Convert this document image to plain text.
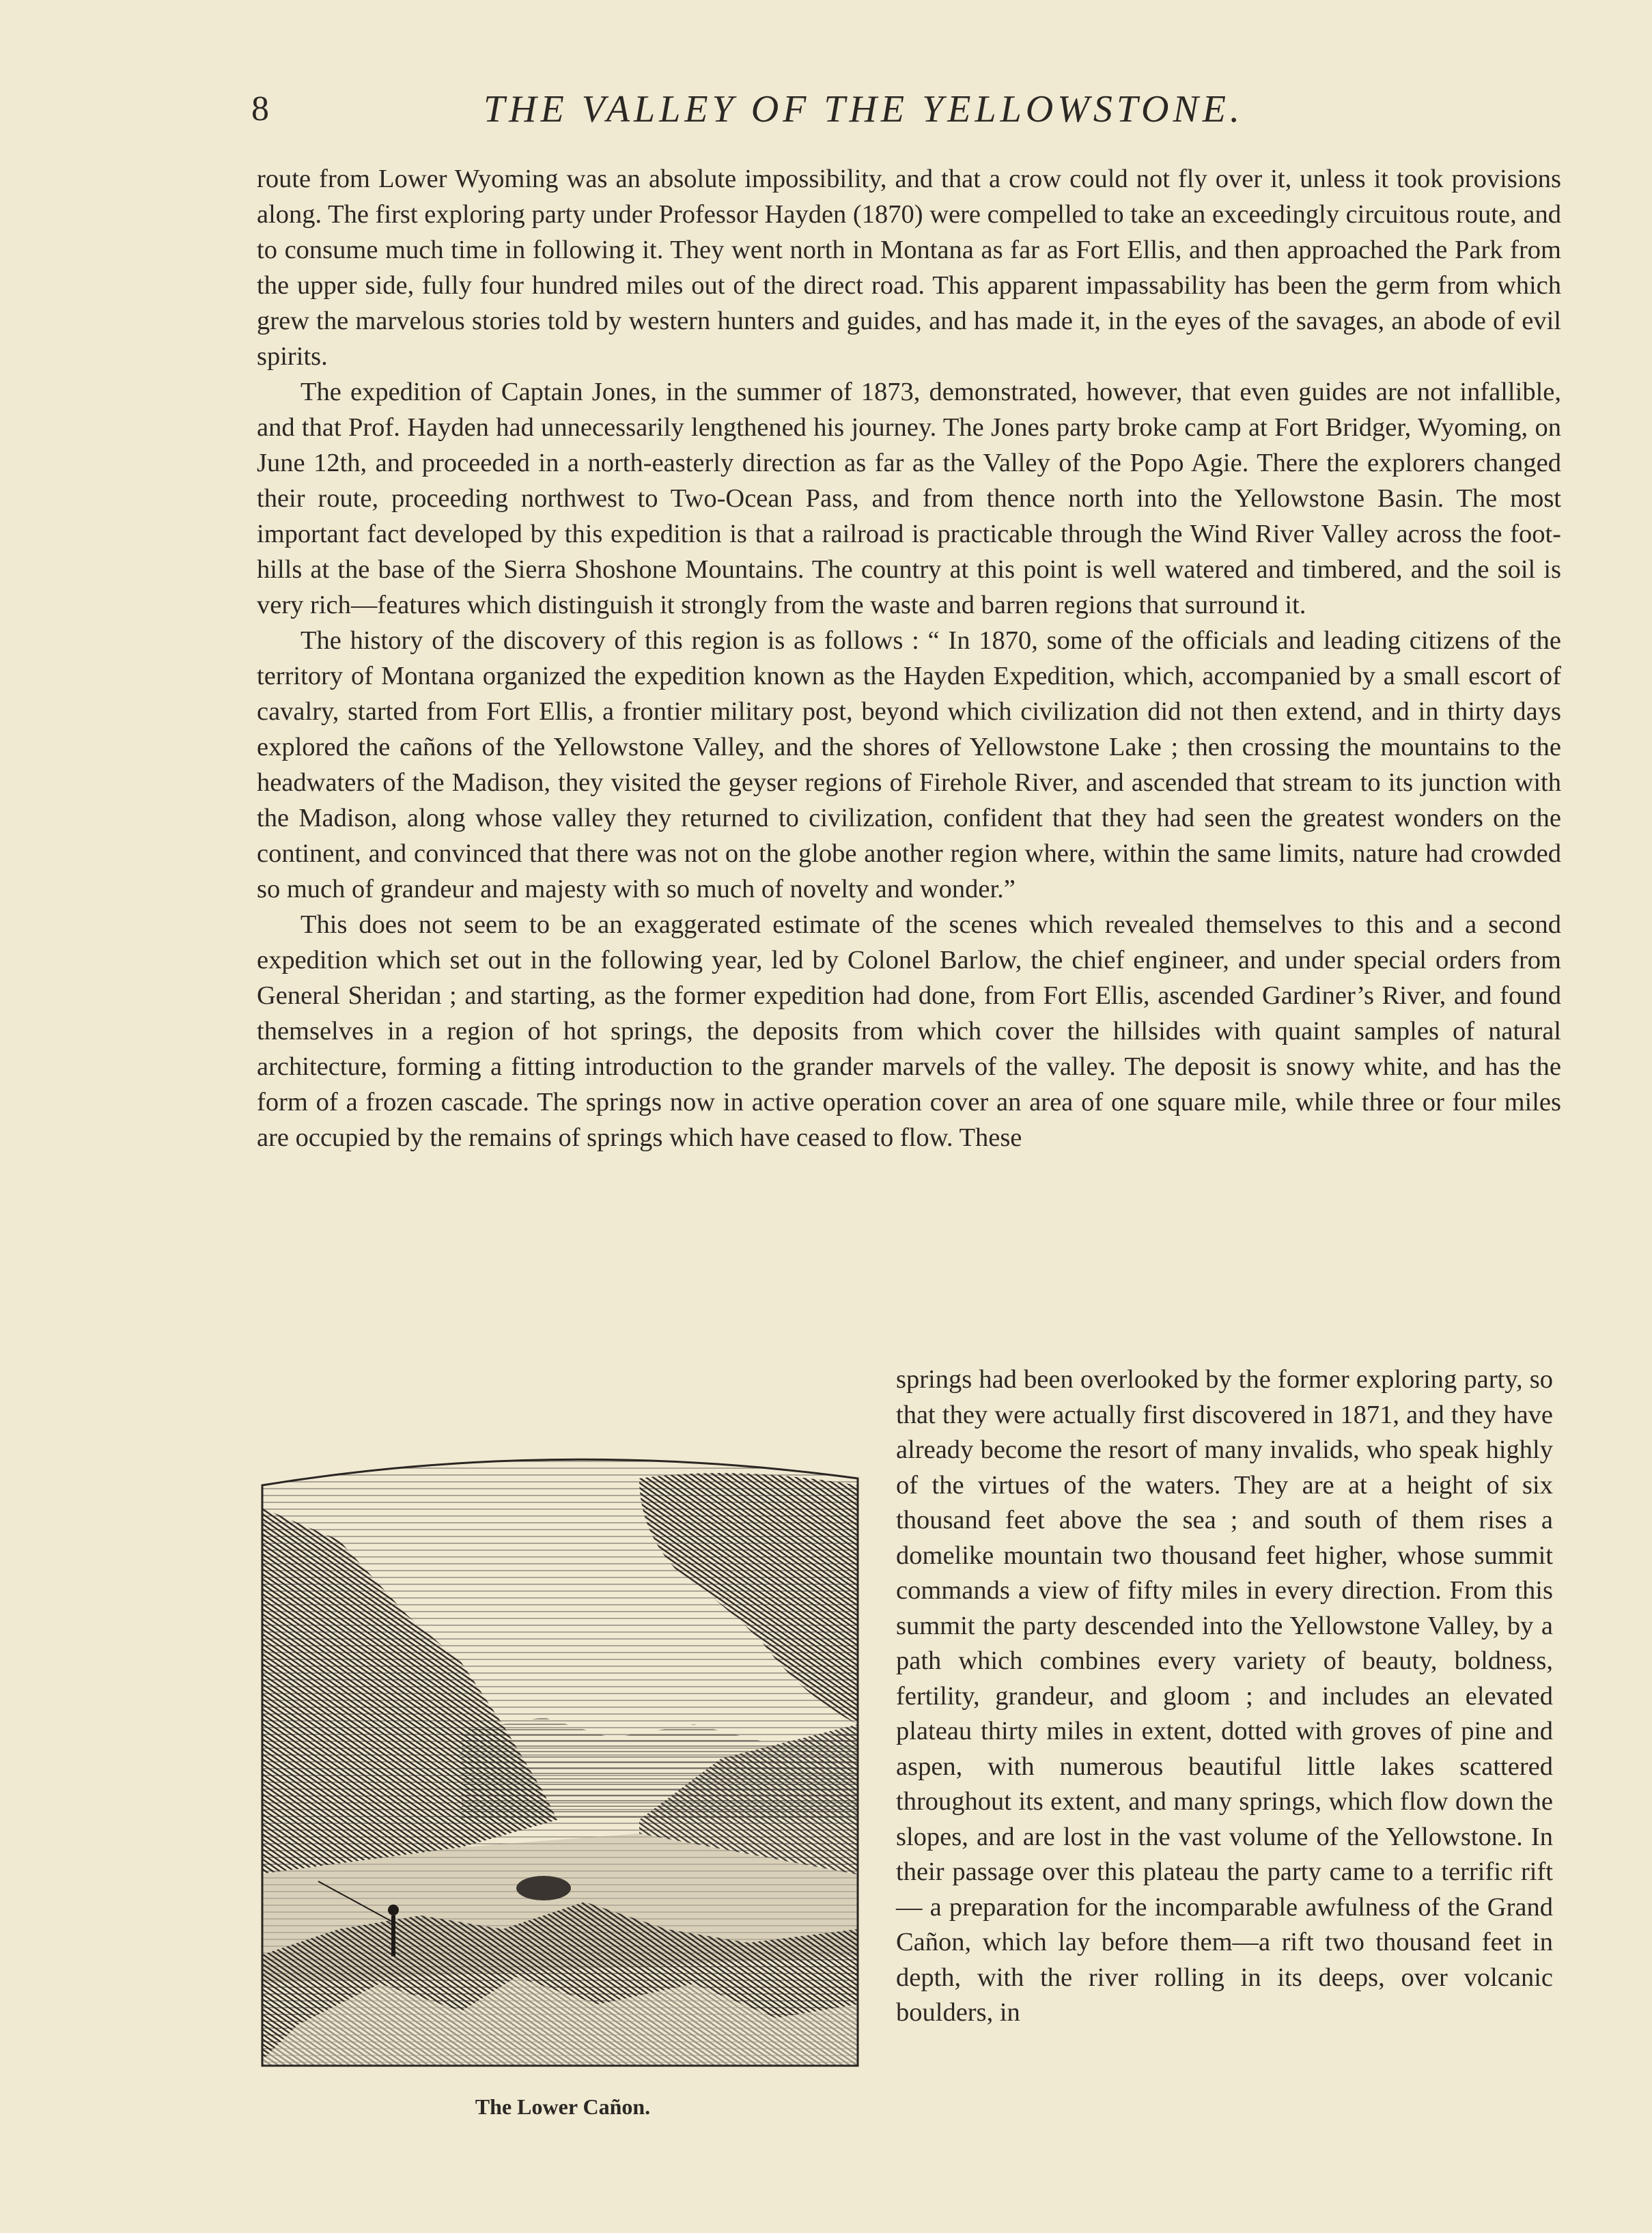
8	THE VALLEY OF THE YELLOWSTONE.

route from Lower Wyoming was an absolute impossibility, and that a crow could not fly over it, unless it took provisions along. The first exploring party under Professor Hayden (1870) were compelled to take an exceedingly circuitous route, and to consume much time in following it. They went north in Montana as far as Fort Ellis, and then approached the Park from the upper side, fully four hundred miles out of the direct road. This apparent impassability has been the germ from which grew the marvelous stories told by western hunters and guides, and has made it, in the eyes of the savages, an abode of evil spirits.

The expedition of Captain Jones, in the summer of 1873, demonstrated, however, that even guides are not infallible, and that Prof. Hayden had unnecessarily lengthened his journey. The Jones party broke camp at Fort Bridger, Wyoming, on June 12th, and proceeded in a north-easterly direction as far as the Valley of the Popo Agie. There the explorers changed their route, proceeding northwest to Two-Ocean Pass, and from thence north into the Yellowstone Basin. The most important fact developed by this expedition is that a railroad is practicable through the Wind River Valley across the foot-hills at the base of the Sierra Shoshone Mountains. The country at this point is well watered and timbered, and the soil is very rich—features which distinguish it strongly from the waste and barren regions that surround it.

The history of the discovery of this region is as follows : “ In 1870, some of the officials and leading citizens of the territory of Montana organized the expedition known as the Hayden Expedition, which, accompanied by a small escort of cavalry, started from Fort Ellis, a frontier military post, beyond which civilization did not then extend, and in thirty days explored the cañons of the Yellowstone Valley, and the shores of Yellowstone Lake ; then crossing the mountains to the headwaters of the Madison, they visited the geyser regions of Firehole River, and ascended that stream to its junction with the Madison, along whose valley they returned to civilization, confident that they had seen the greatest wonders on the continent, and convinced that there was not on the globe another region where, within the same limits, nature had crowded so much of grandeur and majesty with so much of novelty and wonder.”

This does not seem to be an exaggerated estimate of the scenes which revealed themselves to this and a second expedition which set out in the following year, led by Colonel Barlow, the chief engineer, and under special orders from General Sheridan ; and starting, as the former expedition had done, from Fort Ellis, ascended Gardiner’s River, and found themselves in a region of hot springs, the deposits from which cover the hillsides with quaint samples of natural architecture, forming a fitting introduction to the grander marvels of the valley. The deposit is snowy white, and has the form of a frozen cascade. The springs now in active operation cover an area of one square mile, while three or four miles are occupied by the remains of springs which have ceased to flow. These

The Lower Cañon.

springs had been overlooked by the former exploring party, so that they were actually first discovered in 1871, and they have already become the resort of many invalids, who speak highly of the virtues of the waters. They are at a height of six thousand feet above the sea ; and south of them rises a domelike mountain two thousand feet higher, whose summit commands a view of fifty miles in every direction. From this summit the party descended into the Yellowstone Valley, by a path which combines every variety of beauty, boldness, fertility, grandeur, and gloom ; and includes an elevated plateau thirty miles in extent, dotted with groves of pine and aspen, with numerous beautiful little lakes scattered throughout its extent, and many springs, which flow down the slopes, and are lost in the vast volume of the Yellowstone. In their passage over this plateau the party came to a terrific rift — a preparation for the incomparable awfulness of the Grand Cañon, which lay before them—a rift two thousand feet in depth, with the river rolling in its deeps, over volcanic boulders, in
